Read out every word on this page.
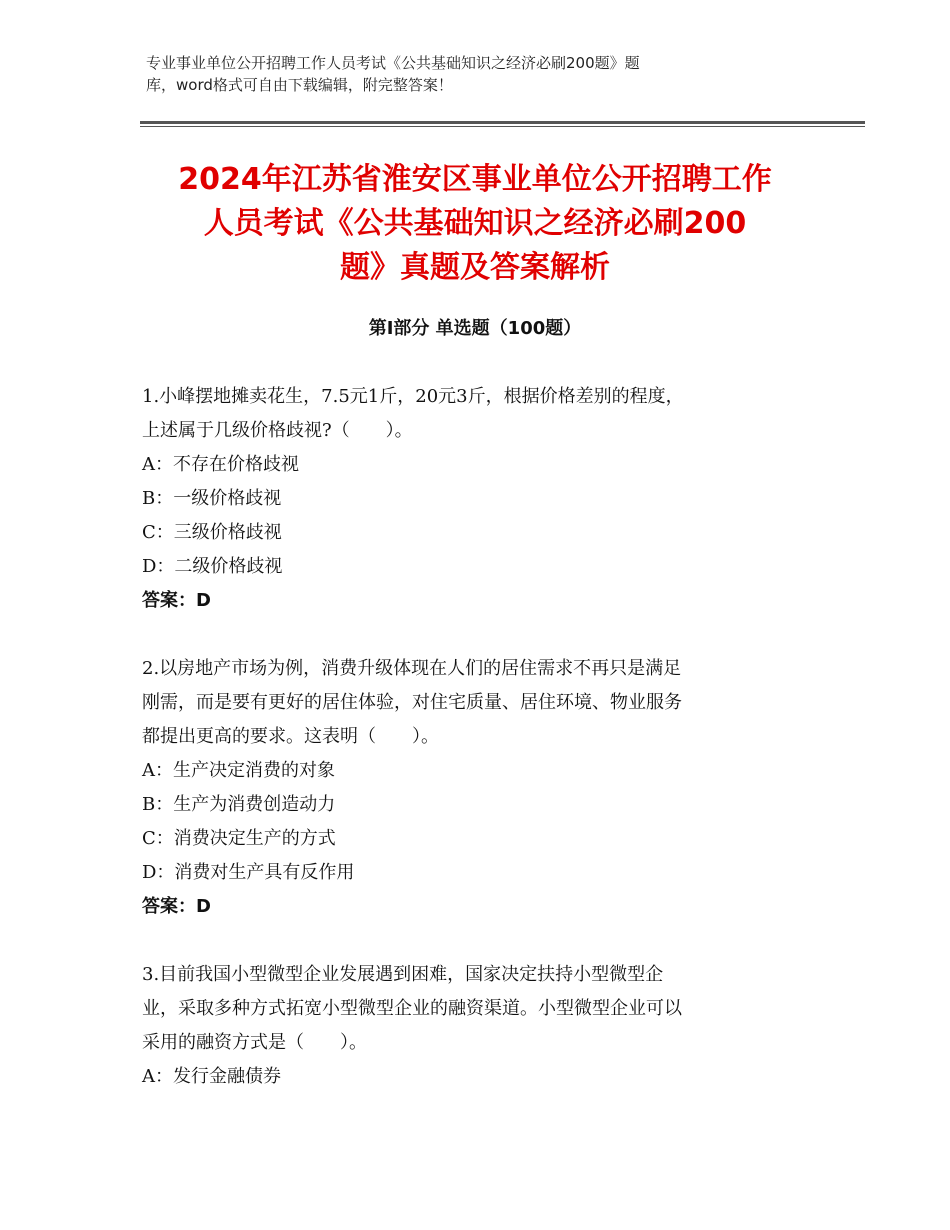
专业事业单位公开招聘工作人员考试《公共基础知识之经济必刷200题》题
库，word格式可自由下载编辑，附完整答案！
2024年江苏省淮安区事业单位公开招聘工作
人员考试《公共基础知识之经济必刷200
题》真题及答案解析
第Ⅰ部分 单选题（100题）
1.小峰摆地摊卖花生，7.5元1斤，20元3斤，根据价格差别的程度，
上述属于几级价格歧视?（　　）。
A：不存在价格歧视
B：一级价格歧视
C：三级价格歧视
D：二级价格歧视
答案：D
2.以房地产市场为例，消费升级体现在人们的居住需求不再只是满足
刚需，而是要有更好的居住体验，对住宅质量、居住环境、物业服务
都提出更高的要求。这表明（　　）。
A：生产决定消费的对象
B：生产为消费创造动力
C：消费决定生产的方式
D：消费对生产具有反作用
答案：D
3.目前我国小型微型企业发展遇到困难，国家决定扶持小型微型企
业，采取多种方式拓宽小型微型企业的融资渠道。小型微型企业可以
采用的融资方式是（　　）。
A：发行金融债券
